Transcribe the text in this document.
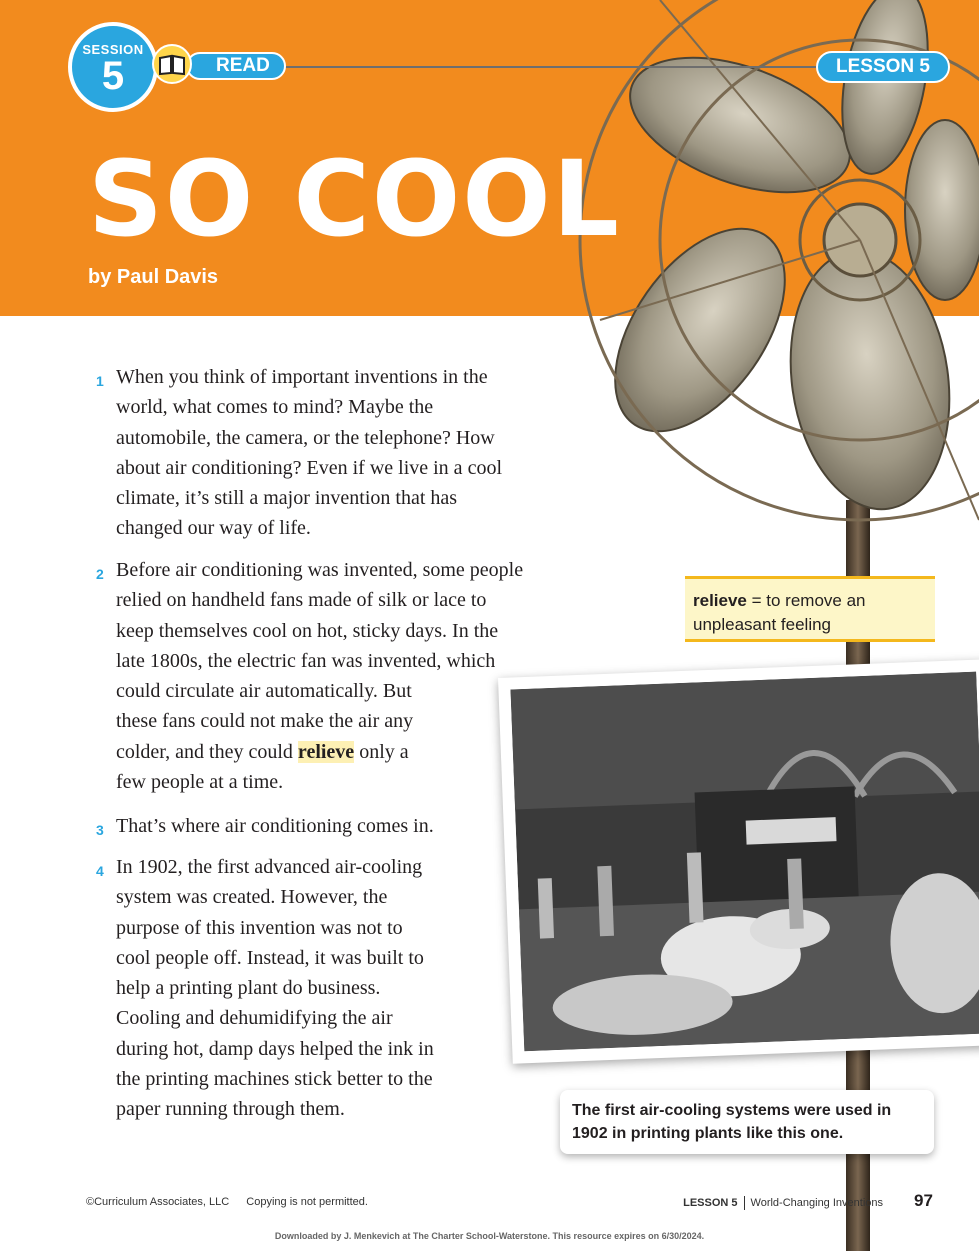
SESSION
5	READ	LESSON 5
SO COOL
by Paul Davis
1 When you think of important inventions in the
world, what comes to mind? Maybe the
automobile, the camera, or the telephone? How
about air conditioning? Even if we live in a cool
climate, it’s still a major invention that has
changed our way of life.
2 Before air conditioning was invented, some people
relied on handheld fans made of silk or lace to
keep themselves cool on hot, sticky days. In the
late 1800s, the electric fan was invented, which
could circulate air automatically. But
these fans could not make the air any
colder, and they could relieve only a
few people at a time.
3 That’s where air conditioning comes in.
4 In 1902, the first advanced air-cooling
system was created. However, the
purpose of this invention was not to
cool people off. Instead, it was built to
help a printing plant do business.
Cooling and dehumidifying the air
during hot, damp days helped the ink in
the printing machines stick better to the
paper running through them.
relieve = to remove an unpleasant feeling
The first air-cooling systems were used in 1902 in printing plants like this one.
©Curriculum Associates, LLC Copying is not permitted.	LESSON 5 World-Changing Inventions 97
Downloaded by J. Menkevich at The Charter School-Waterstone. This resource expires on 6/30/2024.
